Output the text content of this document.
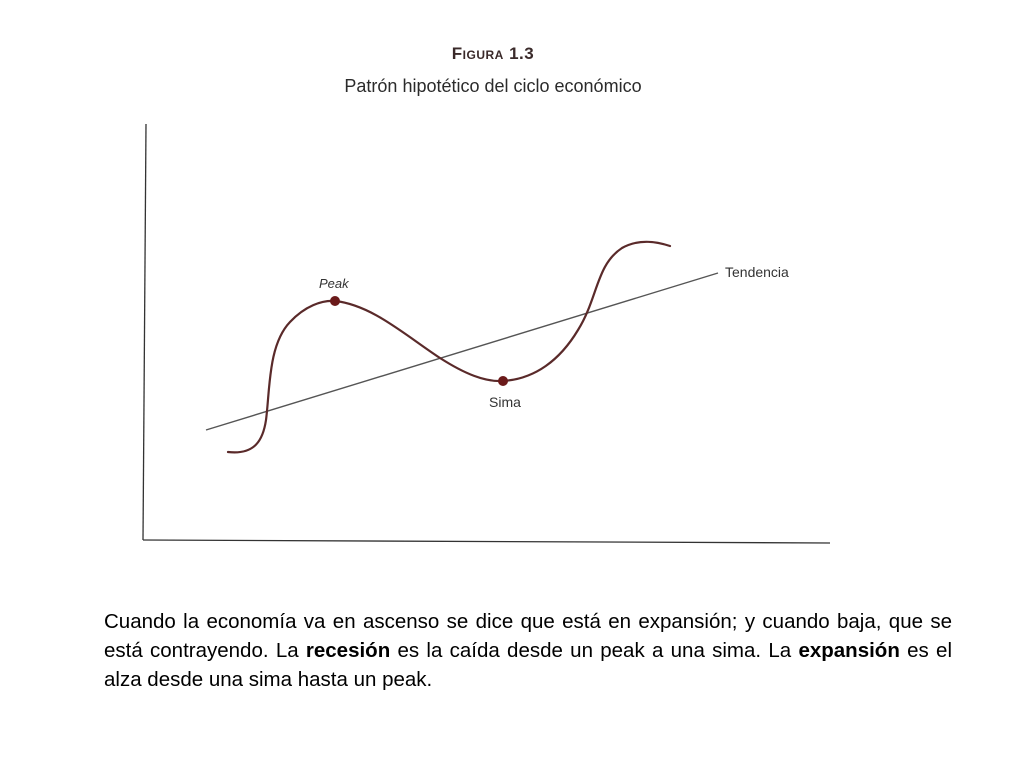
Figura 1.3
Patrón hipotético del ciclo económico
Peak
Sima
Tendencia
Cuando la economía va en ascenso se dice que está en expansión; y cuando baja, que se está contrayendo. La recesión es la caída desde un peak a una sima. La expansión es el alza desde una sima hasta un peak.
